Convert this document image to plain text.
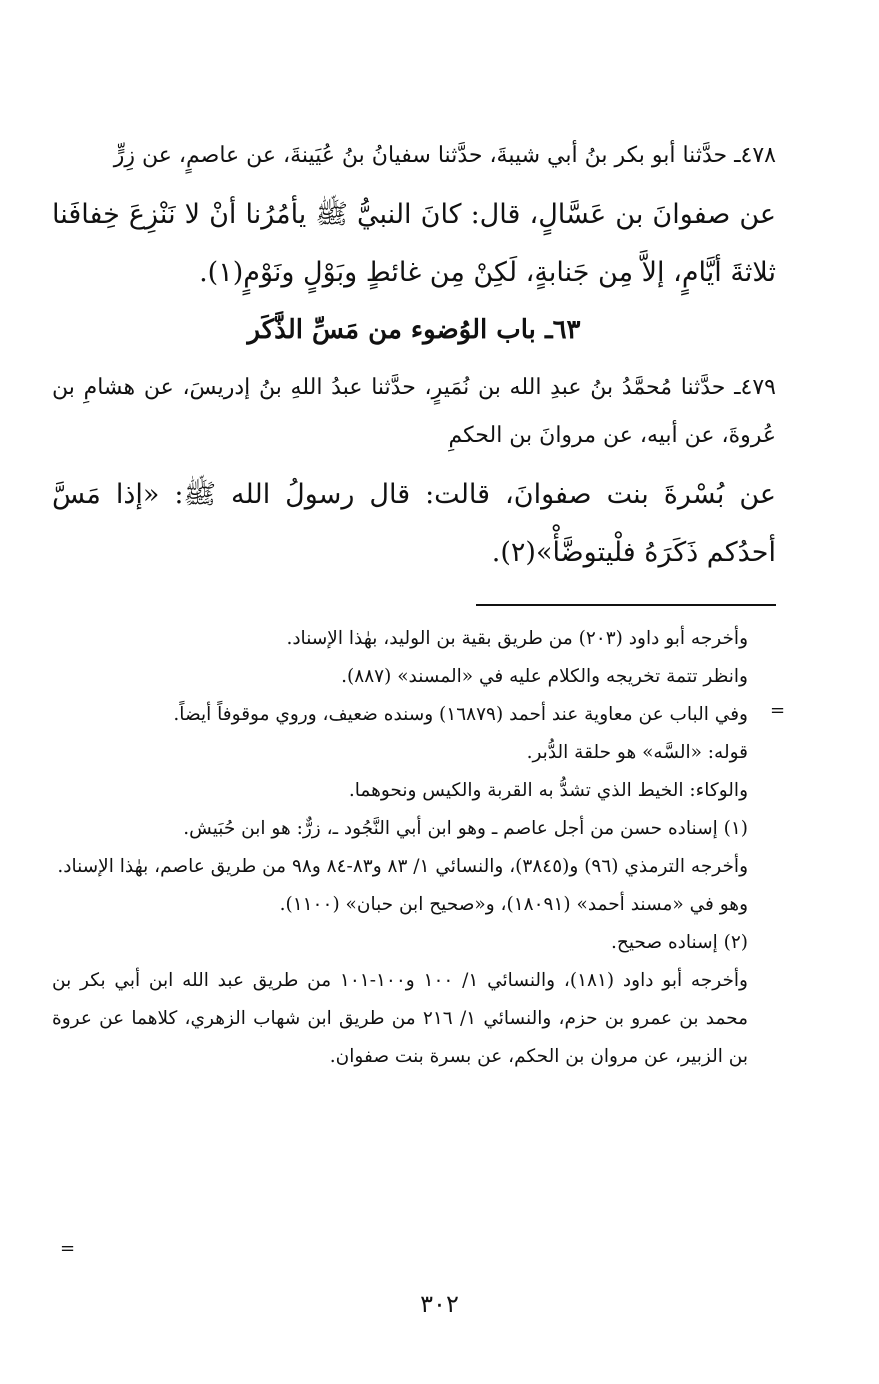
٤٧٨ـ حدَّثنا أبو بكر بنُ أبي شيبةَ، حدَّثنا سفيانُ بنُ عُيَينةَ، عن عاصمٍ، عن زِرٍّ

عن صفوانَ بن عَسَّالٍ، قال: كانَ النبيُّ ﷺ يأمُرُنا أنْ لا نَنْزِعَ خِفافَنا ثلاثةَ أيَّامٍ، إلاَّ مِن جَنابةٍ، لَكِنْ مِن غائطٍ وبَوْلٍ ونَوْمٍ(١).

٦٣ـ باب الوُضوء من مَسِّ الذَّكَر

٤٧٩ـ حدَّثنا مُحمَّدُ بنُ عبدِ الله بن نُمَيرٍ، حدَّثنا عبدُ اللهِ بنُ إدريسَ، عن هشامِ بن عُروةَ، عن أبيه، عن مروانَ بن الحكمِ

عن بُسْرةَ بنت صفوانَ، قالت: قال رسولُ الله ﷺ: «إذا مَسَّ أحدُكم ذَكَرَهُ فلْيتوضَّأْ»(٢).

وأخرجه أبو داود (٢٠٣) من طريق بقية بن الوليد، بهٰذا الإسناد.

وانظر تتمة تخريجه والكلام عليه في «المسند» (٨٨٧).

وفي الباب عن معاوية عند أحمد (١٦٨٧٩) وسنده ضعيف، وروي موقوفاً أيضاً.

قوله: «السَّه» هو حلقة الدُّبر.

والوكاء: الخيط الذي تشدُّ به القربة والكيس ونحوهما.

(١) إسناده حسن من أجل عاصم ـ وهو ابن أبي النَّجُود ـ، زرٌّ: هو ابن حُبَيش.

وأخرجه الترمذي (٩٦) و(٣٨٤٥)، والنسائي ١/ ٨٣ و٨٣-٨٤ و٩٨ من طريق عاصم، بهٰذا الإسناد.

وهو في «مسند أحمد» (١٨٠٩١)، و«صحيح ابن حبان» (١١٠٠).

(٢) إسناده صحيح.

وأخرجه أبو داود (١٨١)، والنسائي ١/ ١٠٠ و١٠٠-١٠١ من طريق عبد الله ابن أبي بكر بن محمد بن عمرو بن حزم، والنسائي ١/ ٢١٦ من طريق ابن شهاب الزهري، كلاهما عن عروة بن الزبير، عن مروان بن الحكم، عن بسرة بنت صفوان.

=
=
٣٠٢
